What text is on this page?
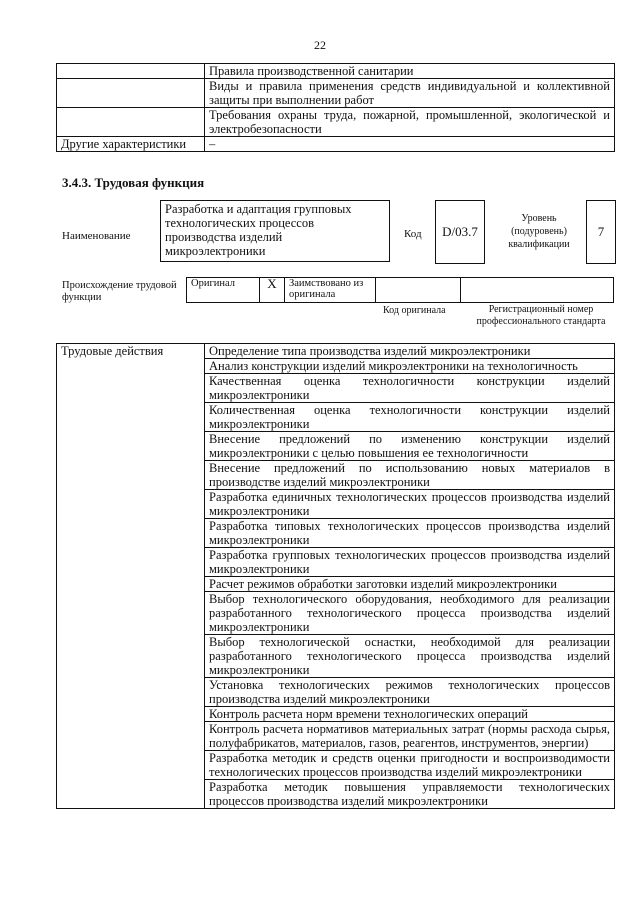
22
	Правила производственной санитарии
	Виды и правила применения средств индивидуальной и коллективной защиты при выполнении работ
	Требования охраны труда, пожарной, промышленной, экологической и электробезопасности
Другие характеристики	–
3.4.3. Трудовая функция
Наименование
Разработка и адаптация групповых технологических процессов производства изделий микроэлектроники
Код	D/03.7
Уровень (подуровень) квалификации
7
Происхождение трудовой функции
Оригинал	X	Заимствовано из оригинала		
Код оригинала	Регистрационный номер профессионального стандарта
Трудовые действия	Определение типа производства изделий микроэлектроники
Анализ конструкции изделий микроэлектроники на технологичность
Качественная оценка технологичности конструкции изделий микроэлектроники
Количественная оценка технологичности конструкции изделий микроэлектроники
Внесение предложений по изменению конструкции изделий микроэлектроники с целью повышения ее технологичности
Внесение предложений по использованию новых материалов в производстве изделий микроэлектроники
Разработка единичных технологических процессов производства изделий микроэлектроники
Разработка типовых технологических процессов производства изделий микроэлектроники
Разработка групповых технологических процессов производства изделий микроэлектроники
Расчет режимов обработки заготовки изделий микроэлектроники
Выбор технологического оборудования, необходимого для реализации разработанного технологического процесса производства изделий микроэлектроники
Выбор технологической оснастки, необходимой для реализации разработанного технологического процесса производства изделий микроэлектроники
Установка технологических режимов технологических процессов производства изделий микроэлектроники
Контроль расчета норм времени технологических операций
Контроль расчета нормативов материальных затрат (нормы расхода сырья, полуфабрикатов, материалов, газов, реагентов, инструментов, энергии)
Разработка методик и средств оценки пригодности и воспроизводимости технологических процессов производства изделий микроэлектроники
Разработка методик повышения управляемости технологических процессов производства изделий микроэлектроники
